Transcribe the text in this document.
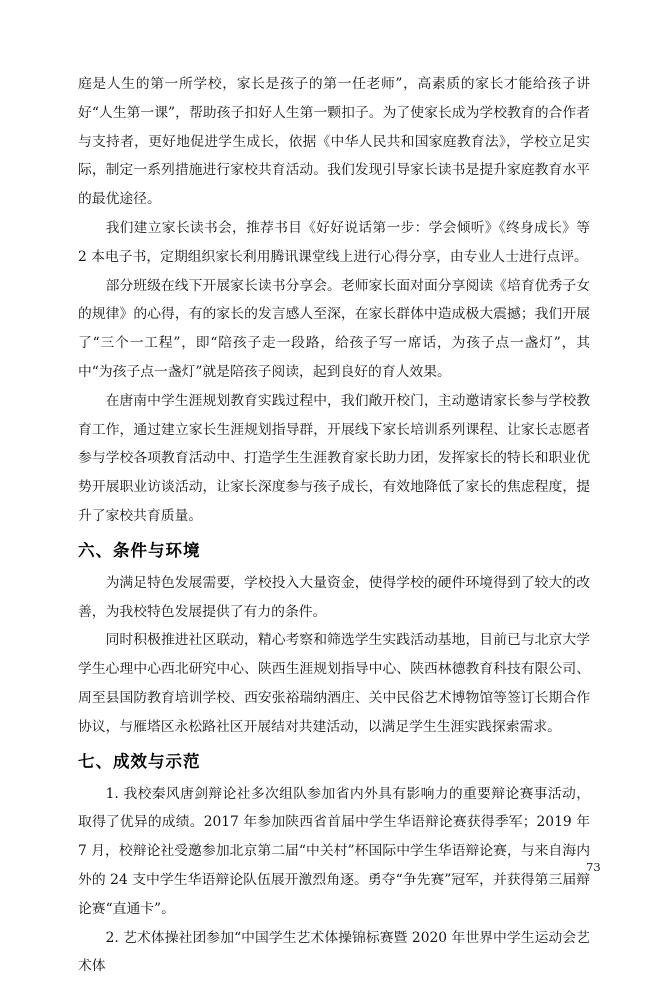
庭是人生的第一所学校，家长是孩子的第一任老师”，高素质的家长才能给孩子讲好“人生第一课”，帮助孩子扣好人生第一颗扣子。为了使家长成为学校教育的合作者与支持者，更好地促进学生成长，依据《中华人民共和国家庭教育法》，学校立足实际，制定一系列措施进行家校共育活动。我们发现引导家长读书是提升家庭教育水平的最优途径。

我们建立家长读书会，推荐书目《好好说话第一步：学会倾听》《终身成长》等 2 本电子书，定期组织家长利用腾讯课堂线上进行心得分享，由专业人士进行点评。

部分班级在线下开展家长读书分享会。老师家长面对面分享阅读《培育优秀子女的规律》的心得，有的家长的发言感人至深，在家长群体中造成极大震撼；我们开展了“三个一工程”，即“陪孩子走一段路，给孩子写一席话，为孩子点一盏灯”，其中“为孩子点一盏灯”就是陪孩子阅读，起到良好的育人效果。

在唐南中学生涯规划教育实践过程中，我们敞开校门，主动邀请家长参与学校教育工作，通过建立家长生涯规划指导群，开展线下家长培训系列课程、让家长志愿者参与学校各项教育活动中、打造学生生涯教育家长助力团，发挥家长的特长和职业优势开展职业访谈活动，让家长深度参与孩子成长，有效地降低了家长的焦虑程度，提升了家校共育质量。

六、条件与环境

为满足特色发展需要，学校投入大量资金，使得学校的硬件环境得到了较大的改善，为我校特色发展提供了有力的条件。

同时积极推进社区联动，精心考察和筛选学生实践活动基地，目前已与北京大学学生心理中心西北研究中心、陕西生涯规划指导中心、陕西林德教育科技有限公司、周至县国防教育培训学校、西安张裕瑞纳酒庄、关中民俗艺术博物馆等签订长期合作协议，与雁塔区永松路社区开展结对共建活动，以满足学生生涯实践探索需求。

七、成效与示范

1. 我校秦风唐剑辩论社多次组队参加省内外具有影响力的重要辩论赛事活动，取得了优异的成绩。2017 年参加陕西省首届中学生华语辩论赛获得季军；2019 年 7 月，校辩论社受邀参加北京第二届“中关村”杯国际中学生华语辩论赛，与来自海内外的 24 支中学生华语辩论队伍展开激烈角逐。勇夺“争先赛”冠军，并获得第三届辩论赛“直通卡”。

2. 艺术体操社团参加“中国学生艺术体操锦标赛暨 2020 年世界中学生运动会艺术体

73
